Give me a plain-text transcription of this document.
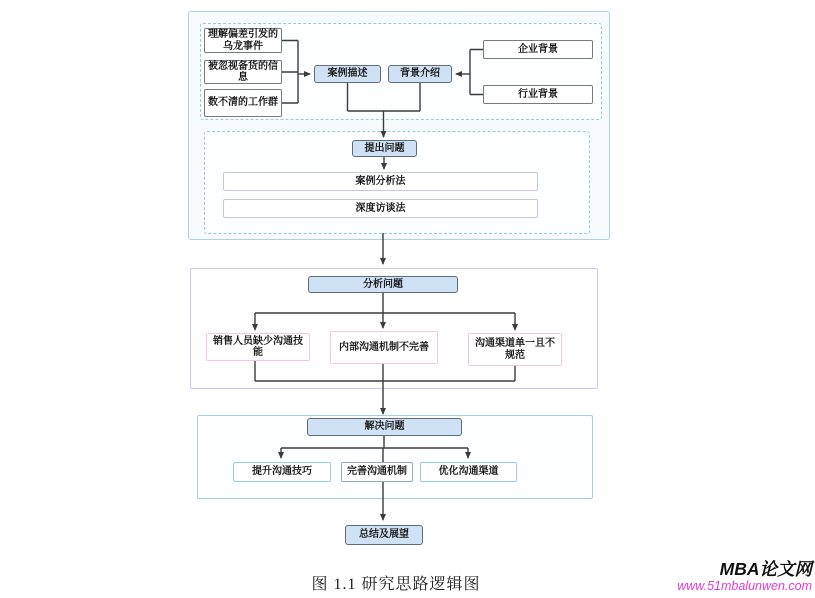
理解偏差引发的乌龙事件
被忽视备货的信息
数不清的工作群
案例描述	背景介绍
企业背景
行业背景
提出问题
案例分析法
深度访谈法
分析问题
销售人员缺少沟通技能	内部沟通机制不完善	沟通渠道单一且不规范
解决问题
提升沟通技巧	完善沟通机制	优化沟通渠道
总结及展望
图 1.1 研究思路逻辑图
MBA论文网
www.51mbalunwen.com
